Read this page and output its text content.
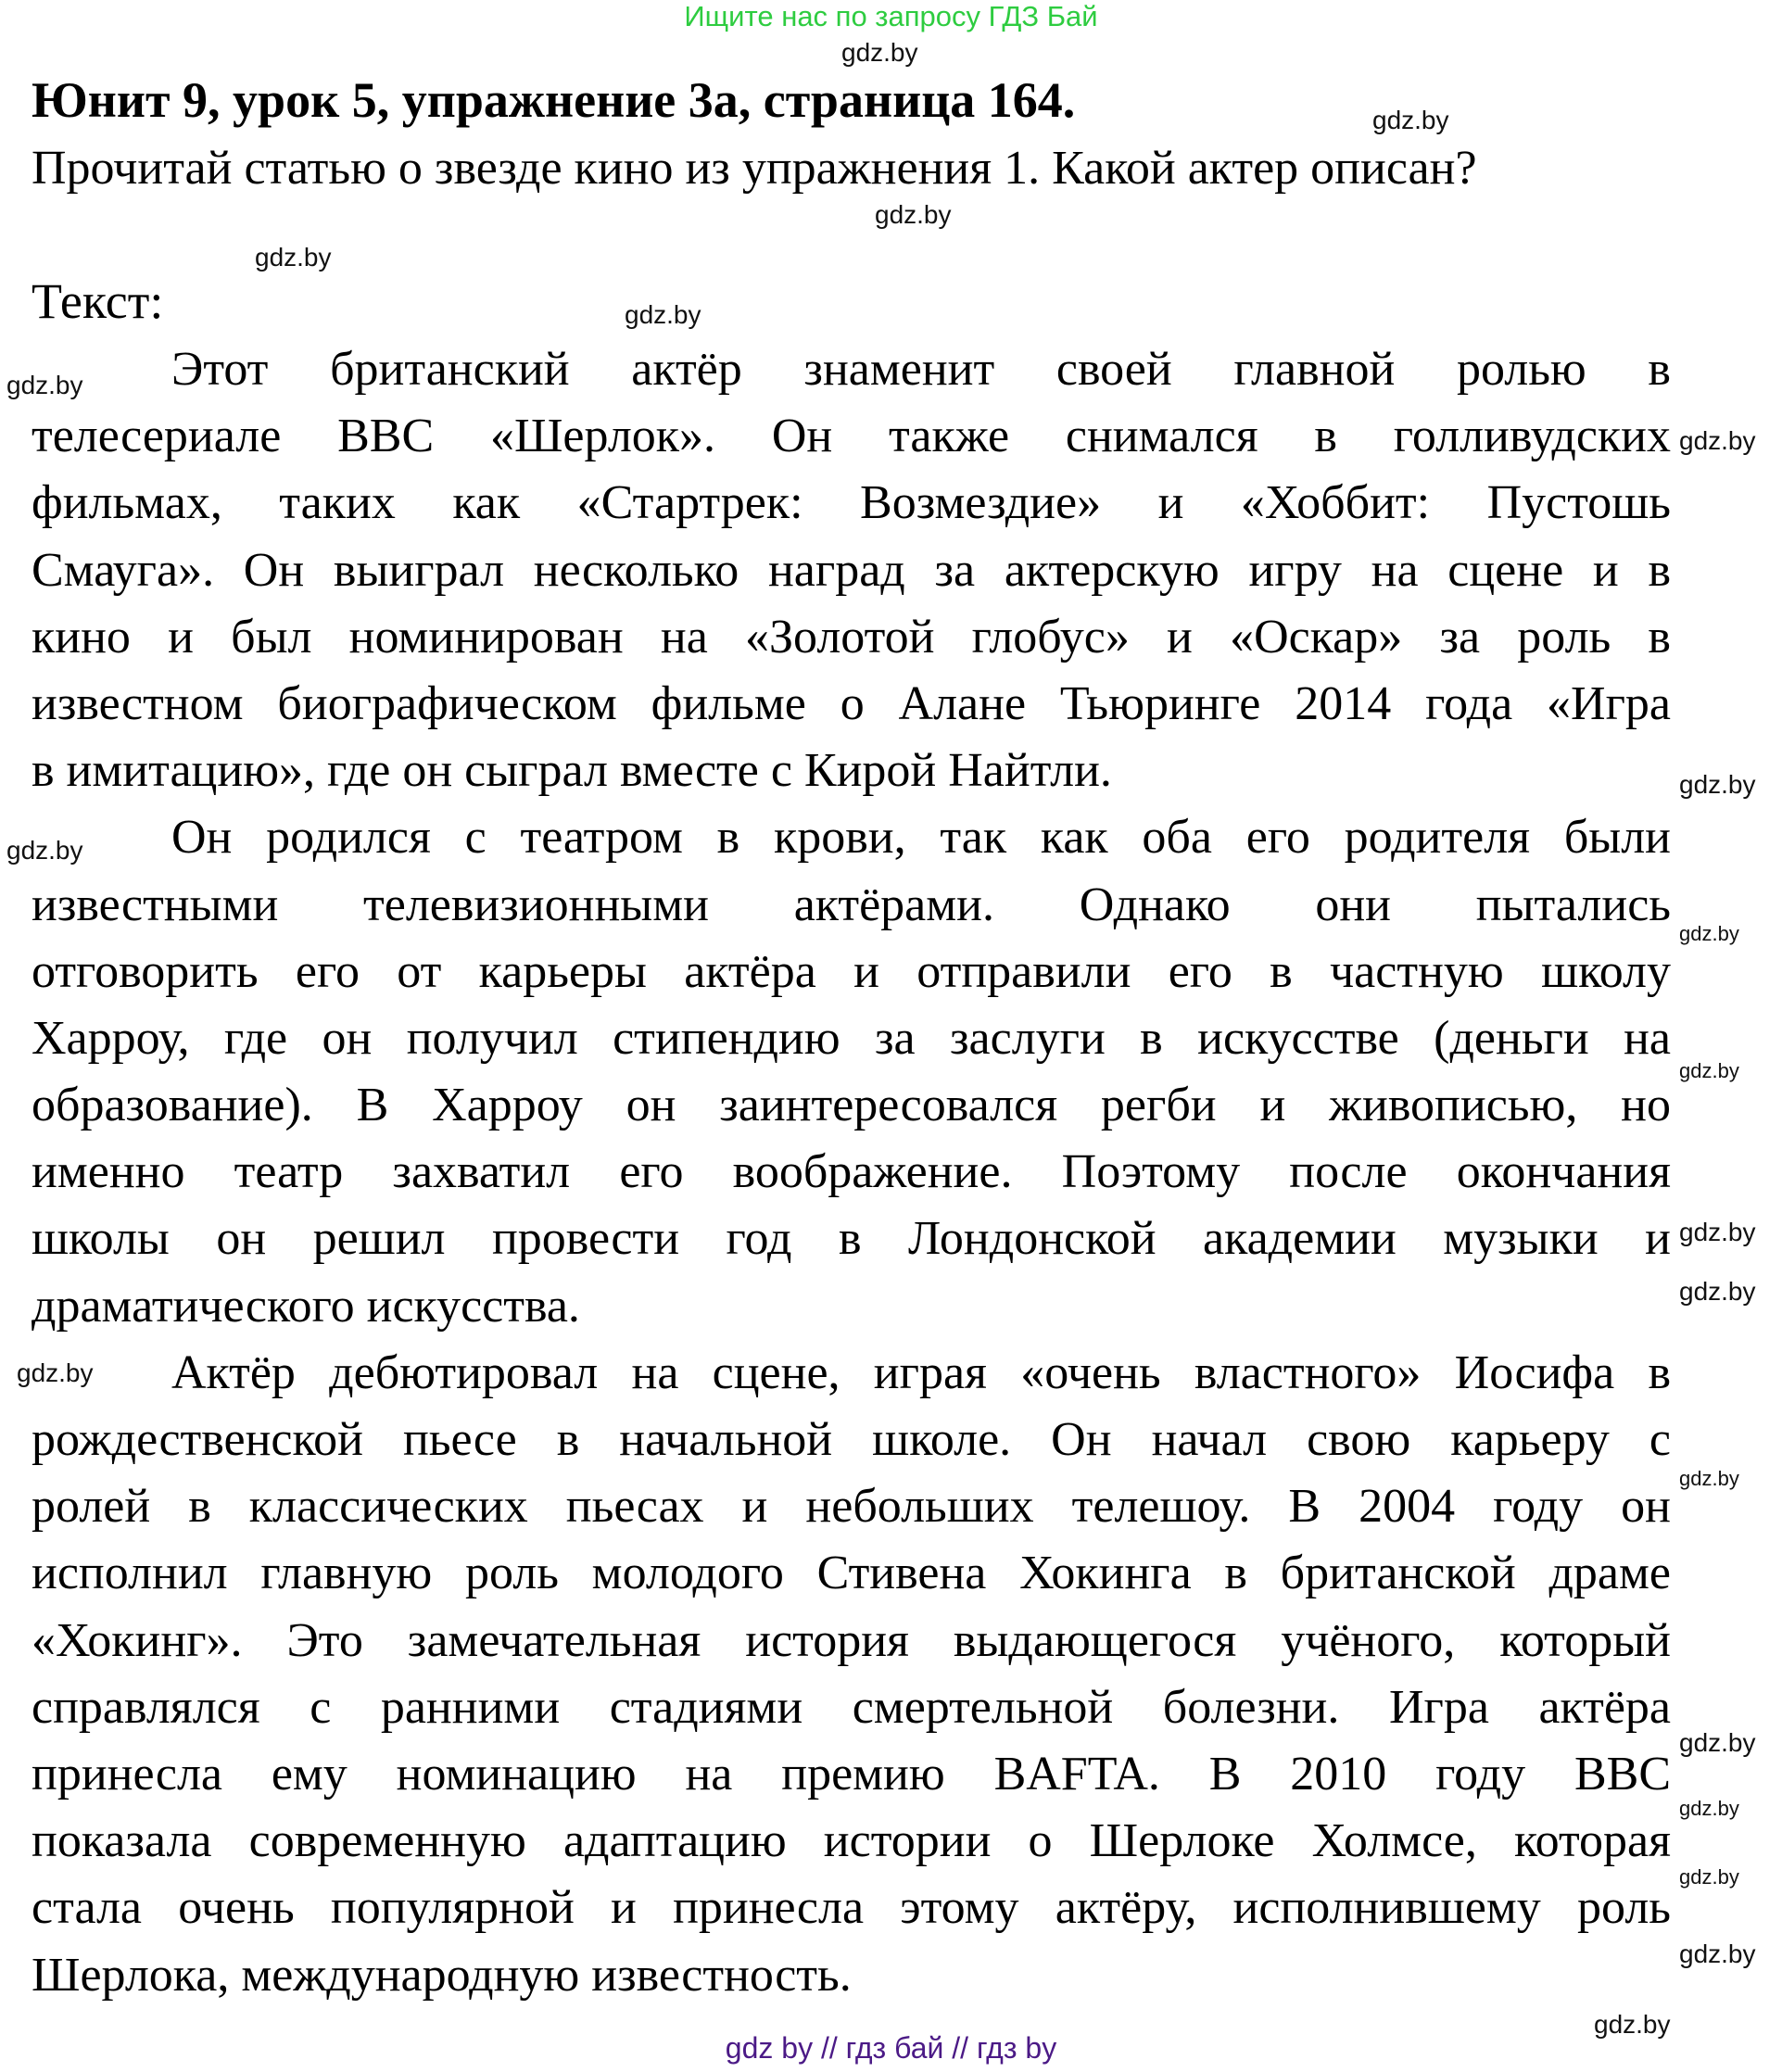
Ищите нас по запросу ГДЗ Бай
Юнит 9, урок 5, упражнение 3а, страница 164.
Прочитай статью о звезде кино из упражнения 1. Какой актер описан?
Текст:
Этот британский актёр знаменит своей главной ролью в
телесериале BBC «Шерлок». Он также снимался в голливудских
фильмах, таких как «Стартрек: Возмездие» и «Хоббит: Пустошь
Смауга». Он выиграл несколько наград за актерскую игру на сцене и в
кино и был номинирован на «Золотой глобус» и «Оскар» за роль в
известном биографическом фильме о Алане Тьюринге 2014 года «Игра
в имитацию», где он сыграл вместе с Кирой Найтли.
Он родился с театром в крови, так как оба его родителя были
известными телевизионными актёрами. Однако они пытались
отговорить его от карьеры актёра и отправили его в частную школу
Харроу, где он получил стипендию за заслуги в искусстве (деньги на
образование). В Харроу он заинтересовался регби и живописью, но
именно театр захватил его воображение. Поэтому после окончания
школы он решил провести год в Лондонской академии музыки и
драматического искусства.
Актёр дебютировал на сцене, играя «очень властного» Иосифа в
рождественской пьесе в начальной школе. Он начал свою карьеру с
ролей в классических пьесах и небольших телешоу. В 2004 году он
исполнил главную роль молодого Стивена Хокинга в британской драме
«Хокинг». Это замечательная история выдающегося учёного, который
справлялся с ранними стадиями смертельной болезни. Игра актёра
принесла ему номинацию на премию BAFTA. В 2010 году BBC
показала современную адаптацию истории о Шерлоке Холмсе, которая
стала очень популярной и принесла этому актёру, исполнившему роль
Шерлока, международную известность.
gdz.by
gdz.by
gdz.by
gdz.by
gdz.by
gdz.by
gdz.by
gdz.by
gdz.by
gdz.by
gdz.by
gdz.by
gdz.by
gdz.by
gdz.by
gdz.by
gdz.by
gdz.by
gdz.by
gdz.by
gdz by // гдз бай // гдз by
